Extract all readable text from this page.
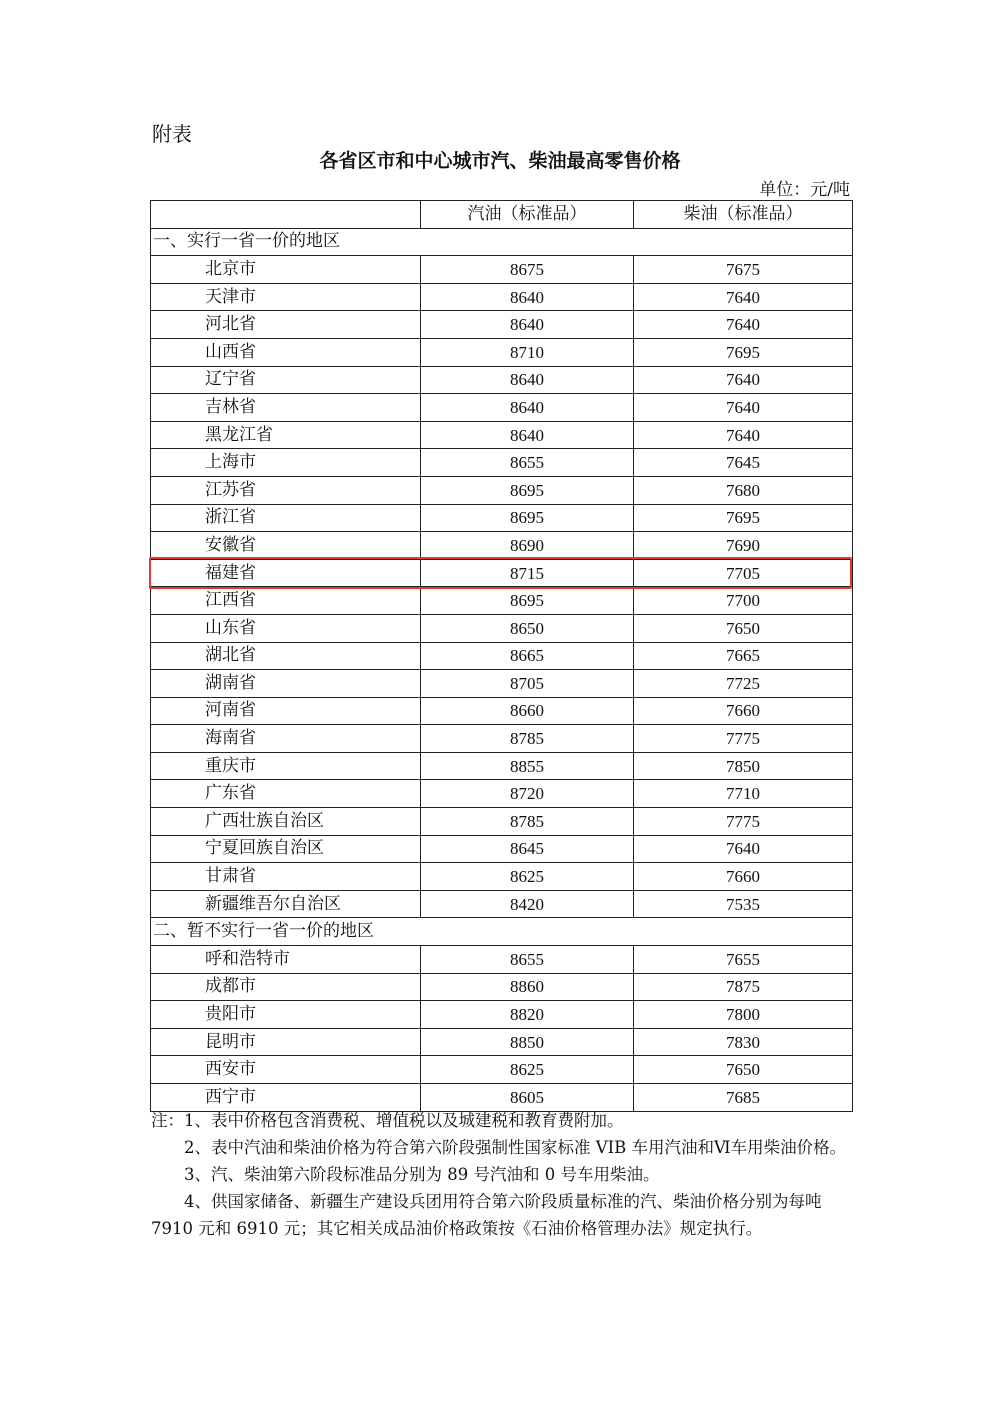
附表
各省区市和中心城市汽、柴油最高零售价格
单位：元/吨
	汽油（标准品）	柴油（标准品）
一、实行一省一价的地区		
北京市	8675	7675
天津市	8640	7640
河北省	8640	7640
山西省	8710	7695
辽宁省	8640	7640
吉林省	8640	7640
黑龙江省	8640	7640
上海市	8655	7645
江苏省	8695	7680
浙江省	8695	7695
安徽省	8690	7690
福建省	8715	7705
江西省	8695	7700
山东省	8650	7650
湖北省	8665	7665
湖南省	8705	7725
河南省	8660	7660
海南省	8785	7775
重庆市	8855	7850
广东省	8720	7710
广西壮族自治区	8785	7775
宁夏回族自治区	8645	7640
甘肃省	8625	7660
新疆维吾尔自治区	8420	7535
二、暂不实行一省一价的地区		
呼和浩特市	8655	7655
成都市	8860	7875
贵阳市	8820	7800
昆明市	8850	7830
西安市	8625	7650
西宁市	8605	7685

注：1、表中价格包含消费税、增值税以及城建税和教育费附加。

2、表中汽油和柴油价格为符合第六阶段强制性国家标准 VIB 车用汽油和Ⅵ车用柴油价格。

3、汽、柴油第六阶段标准品分别为 89 号汽油和 0 号车用柴油。

4、供国家储备、新疆生产建设兵团用符合第六阶段质量标准的汽、柴油价格分别为每吨 7910 元和 6910 元；其它相关成品油价格政策按《石油价格管理办法》规定执行。
